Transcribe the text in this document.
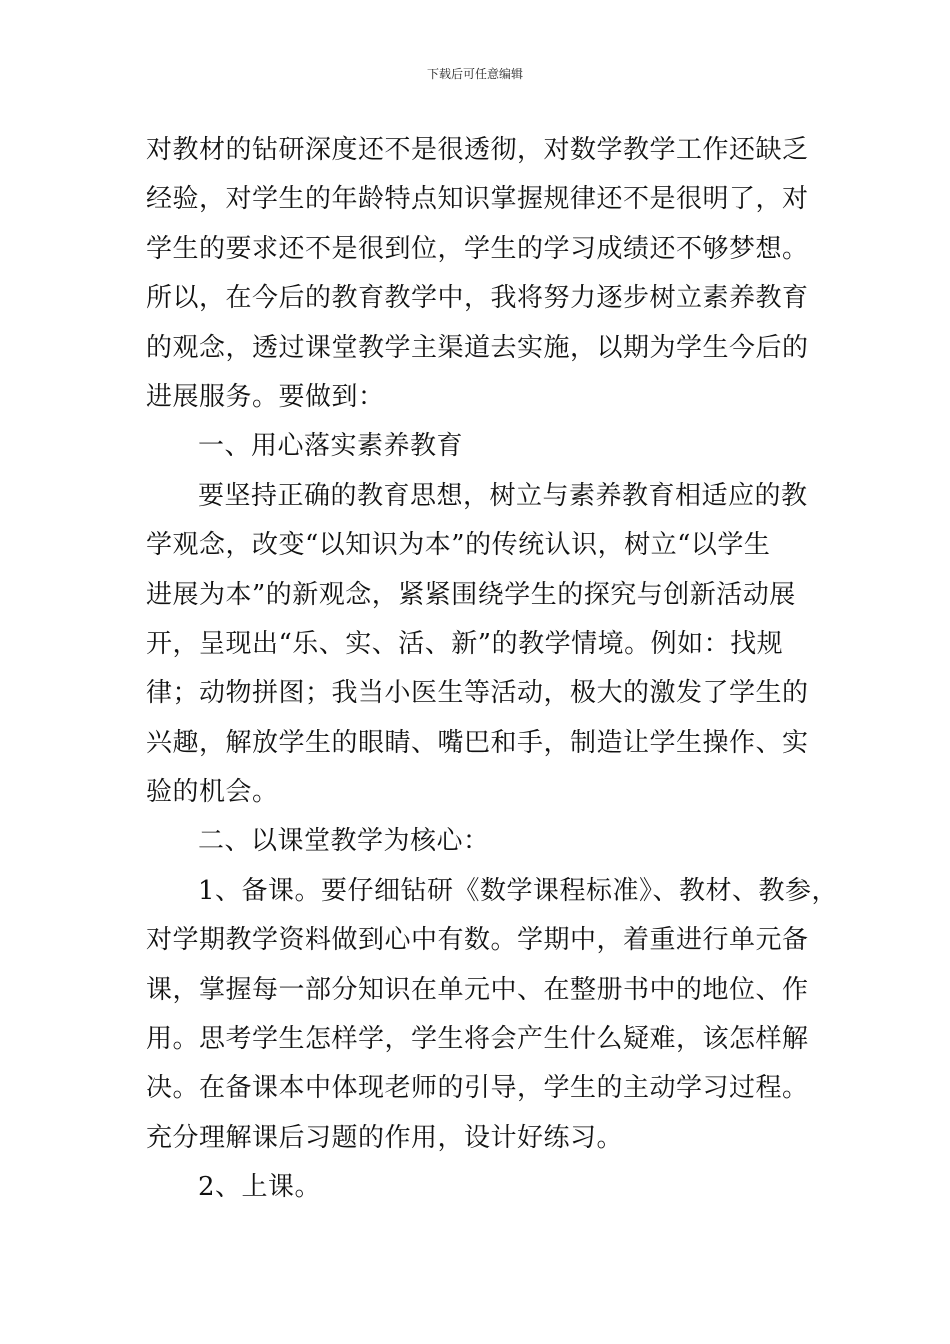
下载后可任意编辑
对教材的钻研深度还不是很透彻，对数学教学工作还缺乏
经验，对学生的年龄特点知识掌握规律还不是很明了，对
学生的要求还不是很到位，学生的学习成绩还不够梦想。
所以，在今后的教育教学中，我将努力逐步树立素养教育
的观念，透过课堂教学主渠道去实施，以期为学生今后的
进展服务。要做到：
一、用心落实素养教育
要坚持正确的教育思想，树立与素养教育相适应的教
学观念，改变“以知识为本”的传统认识，树立“以学生
进展为本”的新观念，紧紧围绕学生的探究与创新活动展
开，呈现出“乐、实、活、新”的教学情境。例如：找规
律；动物拼图；我当小医生等活动，极大的激发了学生的
兴趣，解放学生的眼睛、嘴巴和手，制造让学生操作、实
验的机会。
二、以课堂教学为核心：
1、备课。要仔细钻研《数学课程标准》、教材、教参，
对学期教学资料做到心中有数。学期中，着重进行单元备
课，掌握每一部分知识在单元中、在整册书中的地位、作
用。思考学生怎样学，学生将会产生什么疑难，该怎样解
决。在备课本中体现老师的引导，学生的主动学习过程。
充分理解课后习题的作用，设计好练习。
2、上课。
